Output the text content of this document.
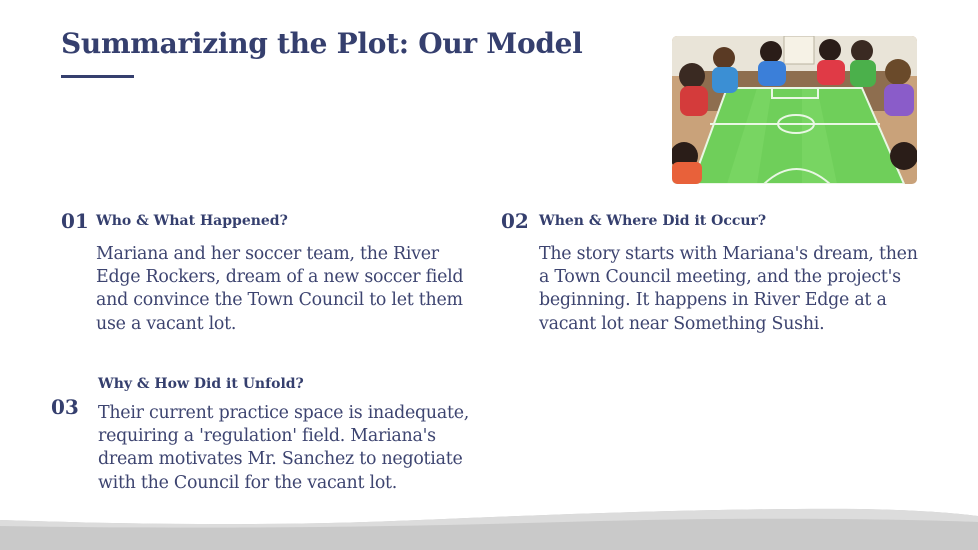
Summarizing the Plot: Our Model
01 Who & What Happened?
Mariana and her soccer team, the River Edge Rockers, dream of a new soccer field and convince the Town Council to let them use a vacant lot.
02 When & Where Did it Occur?
The story starts with Mariana's dream, then a Town Council meeting, and the project's beginning. It happens in River Edge at a vacant lot near Something Sushi.
Why & How Did it Unfold?
03 Their current practice space is inadequate, requiring a 'regulation' field. Mariana's dream motivates Mr. Sanchez to negotiate with the Council for the vacant lot.
